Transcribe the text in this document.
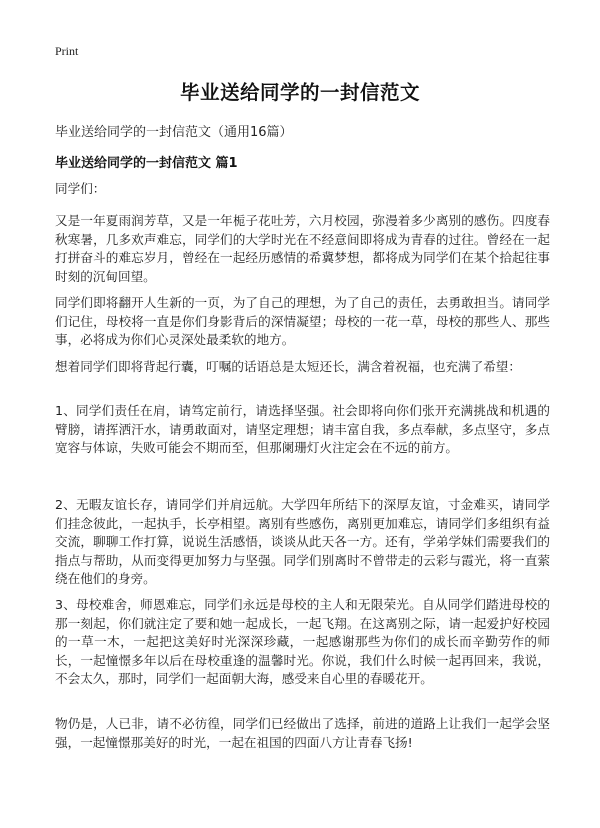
Print
毕业送给同学的一封信范文

毕业送给同学的一封信范文（通用16篇）

毕业送给同学的一封信范文 篇1

同学们：

又是一年夏雨润芳草，又是一年栀子花吐芳，六月校园，弥漫着多少离别的感伤。四度春秋寒暑，几多欢声难忘，同学们的大学时光在不经意间即将成为青春的过往。曾经在一起打拼奋斗的难忘岁月，曾经在一起经历感情的希冀梦想，都将成为同学们在某个拾起往事时刻的沉甸回望。

同学们即将翻开人生新的一页，为了自己的理想，为了自己的责任，去勇敢担当。请同学们记住，母校将一直是你们身影背后的深情凝望；母校的一花一草，母校的那些人、那些事，必将成为你们心灵深处最柔软的地方。

想着同学们即将背起行囊，叮嘱的话语总是太短还长，满含着祝福，也充满了希望：

1、同学们责任在肩，请笃定前行，请选择坚强。社会即将向你们张开充满挑战和机遇的臂膀，请挥洒汗水，请勇敢面对，请坚定理想；请丰富自我，多点奉献，多点坚守，多点宽容与体谅，失败可能会不期而至，但那阑珊灯火注定会在不远的前方。

2、无暇友谊长存，请同学们并肩远航。大学四年所结下的深厚友谊，寸金难买，请同学们挂念彼此，一起执手，长亭相望。离别有些感伤，离别更加难忘，请同学们多组织有益交流，聊聊工作打算，说说生活感悟，谈谈从此天各一方。还有，学弟学妹们需要我们的指点与帮助，从而变得更加努力与坚强。同学们别离时不曾带走的云彩与霞光，将一直萦绕在他们的身旁。

3、母校难舍，师恩难忘，同学们永远是母校的主人和无限荣光。自从同学们踏进母校的那一刻起，你们就注定了要和她一起成长，一起飞翔。在这离别之际，请一起爱护好校园的一草一木，一起把这美好时光深深珍藏，一起感谢那些为你们的成长而辛勤劳作的师长，一起憧憬多年以后在母校重逢的温馨时光。你说，我们什么时候一起再回来，我说，不会太久，那时，同学们一起面朝大海，感受来自心里的春暖花开。

物仍是，人已非，请不必彷徨，同学们已经做出了选择，前进的道路上让我们一起学会坚强，一起憧憬那美好的时光，一起在祖国的四面八方让青春飞扬!
